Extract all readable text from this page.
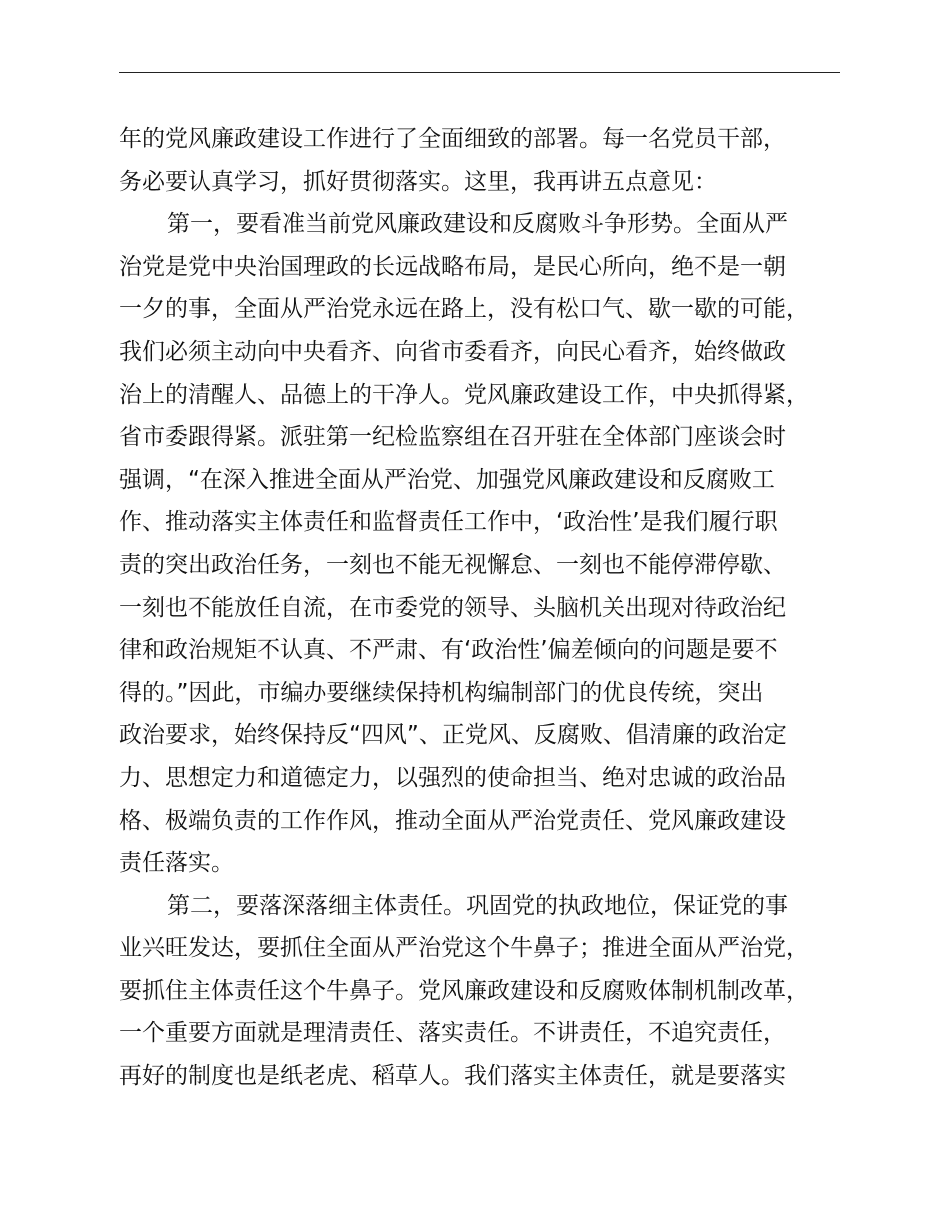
年的党风廉政建设工作进行了全面细致的部署。每一名党员干部，
务必要认真学习，抓好贯彻落实。这里，我再讲五点意见：
第一，要看准当前党风廉政建设和反腐败斗争形势。全面从严
治党是党中央治国理政的长远战略布局，是民心所向，绝不是一朝
一夕的事，全面从严治党永远在路上，没有松口气、歇一歇的可能，
我们必须主动向中央看齐、向省市委看齐，向民心看齐，始终做政
治上的清醒人、品德上的干净人。党风廉政建设工作，中央抓得紧，
省市委跟得紧。派驻第一纪检监察组在召开驻在全体部门座谈会时
强调，“在深入推进全面从严治党、加强党风廉政建设和反腐败工
作、推动落实主体责任和监督责任工作中，‘政治性’是我们履行职
责的突出政治任务，一刻也不能无视懈怠、一刻也不能停滞停歇、
一刻也不能放任自流，在市委党的领导、头脑机关出现对待政治纪
律和政治规矩不认真、不严肃、有‘政治性’偏差倾向的问题是要不
得的。”因此，市编办要继续保持机构编制部门的优良传统，突出
政治要求，始终保持反“四风”、正党风、反腐败、倡清廉的政治定
力、思想定力和道德定力，以强烈的使命担当、绝对忠诚的政治品
格、极端负责的工作作风，推动全面从严治党责任、党风廉政建设
责任落实。
第二，要落深落细主体责任。巩固党的执政地位，保证党的事
业兴旺发达，要抓住全面从严治党这个牛鼻子；推进全面从严治党，
要抓住主体责任这个牛鼻子。党风廉政建设和反腐败体制机制改革，
一个重要方面就是理清责任、落实责任。不讲责任，不追究责任，
再好的制度也是纸老虎、稻草人。我们落实主体责任，就是要落实
